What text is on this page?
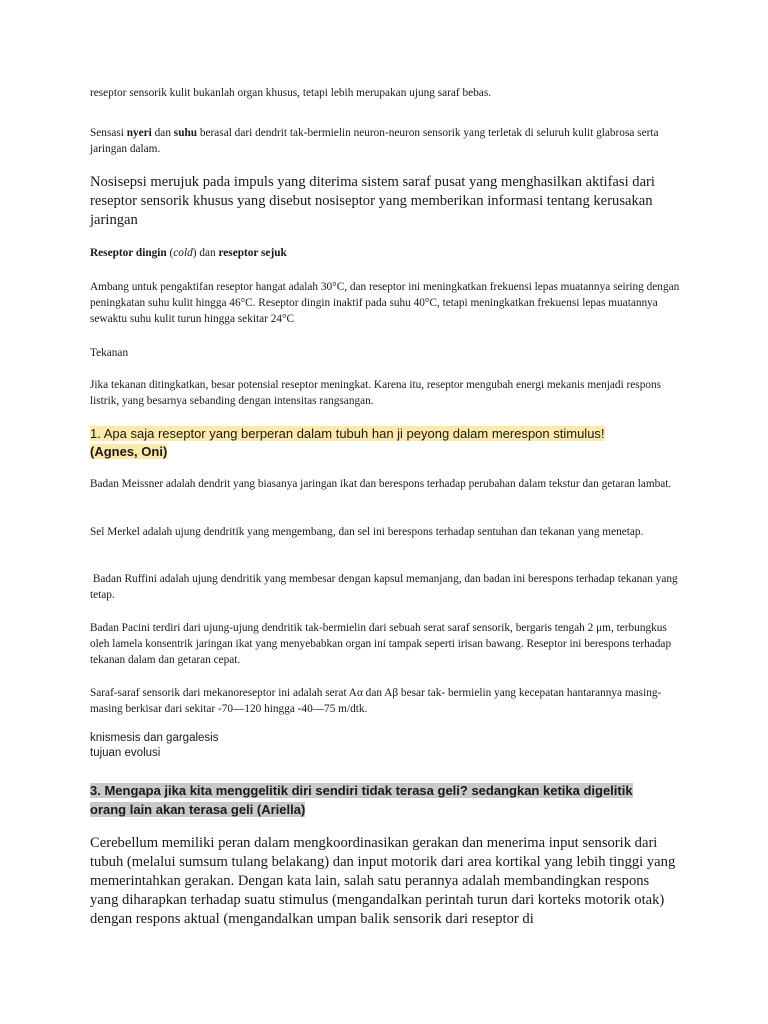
reseptor sensorik kulit bukanlah organ khusus, tetapi lebih merupakan ujung saraf bebas.

Sensasi nyeri dan suhu berasal dari dendrit tak-bermielin neuron-neuron sensorik yang terletak di seluruh kulit glabrosa serta jaringan dalam.

Nosisepsi merujuk pada impuls yang diterima sistem saraf pusat yang menghasilkan aktifasi dari reseptor sensorik khusus yang disebut nosiseptor yang memberikan informasi tentang kerusakan jaringan

Reseptor dingin (cold) dan reseptor sejuk

Ambang untuk pengaktifan reseptor hangat adalah 30°C, dan reseptor ini meningkatkan frekuensi lepas muatannya seiring dengan peningkatan suhu kulit hingga 46°C. Reseptor dingin inaktif pada suhu 40°C, tetapi meningkatkan frekuensi lepas muatannya sewaktu suhu kulit turun hingga sekitar 24°C

Tekanan

Jika tekanan ditingkatkan, besar potensial reseptor meningkat. Karena itu, reseptor mengubah energi mekanis menjadi respons listrik, yang besarnya sebanding dengan intensitas rangsangan.

1. Apa saja reseptor yang berperan dalam tubuh han ji peyong dalam merespon stimulus!
(Agnes, Oni)

Badan Meissner adalah dendrit yang biasanya jaringan ikat dan berespons terhadap perubahan dalam tekstur dan getaran lambat.

Sel Merkel adalah ujung dendritik yang mengembang, dan sel ini berespons terhadap sentuhan dan tekanan yang menetap.

Badan Ruffini adalah ujung dendritik yang membesar dengan kapsul memanjang, dan badan ini berespons terhadap tekanan yang tetap.

Badan Pacini terdiri dari ujung-ujung dendritik tak-bermielin dari sebuah serat saraf sensorik, bergaris tengah 2 μm, terbungkus oleh lamela konsentrik jaringan ikat yang menyebabkan organ ini tampak seperti irisan bawang. Reseptor ini berespons terhadap tekanan dalam dan getaran cepat.

Saraf-saraf sensorik dari mekanoreseptor ini adalah serat Aα dan Aβ besar tak- bermielin yang kecepatan hantarannya masing-masing berkisar dari sekitar -70—120 hingga -40—75 m/dtk.

knismesis dan gargalesis
tujuan evolusi
3. Mengapa jika kita menggelitik diri sendiri tidak terasa geli? sedangkan ketika digelitik
orang lain akan terasa geli (Ariella)

Cerebellum memiliki peran dalam mengkoordinasikan gerakan dan menerima input sensorik dari tubuh (melalui sumsum tulang belakang) dan input motorik dari area kortikal yang lebih tinggi yang memerintahkan gerakan. Dengan kata lain, salah satu perannya adalah membandingkan respons yang diharapkan terhadap suatu stimulus (mengandalkan perintah turun dari korteks motorik otak) dengan respons aktual (mengandalkan umpan balik sensorik dari reseptor di
